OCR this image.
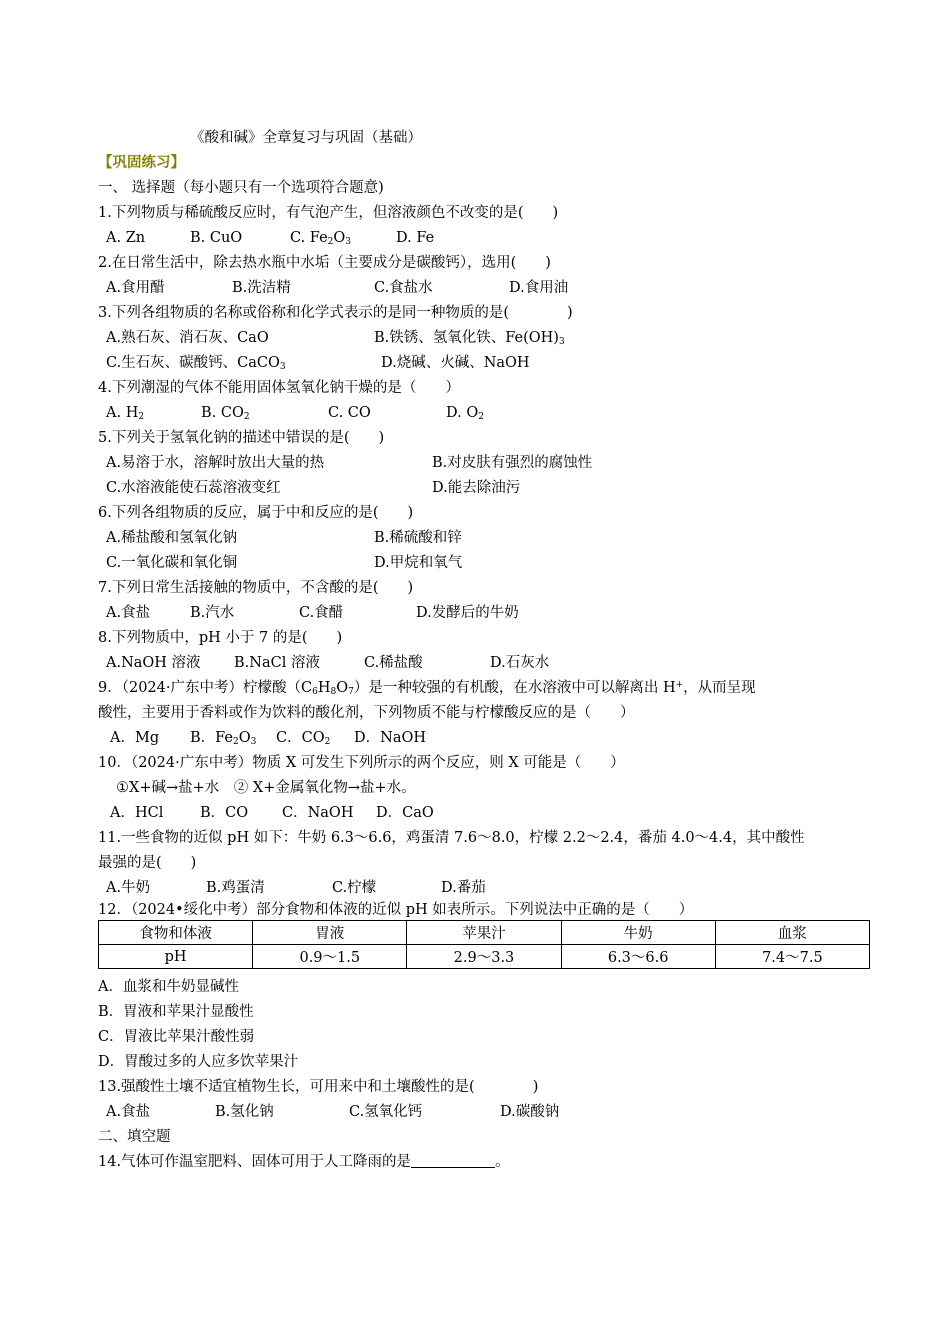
《酸和碱》全章复习与巩固（基础）
【巩固练习】
一、 选择题（每小题只有一个选项符合题意)
1.下列物质与稀硫酸反应时，有气泡产生，但溶液颜色不改变的是(　　)
A. Zn	B. CuO	C. $Fe_2O_3$	D. Fe
2.在日常生活中，除去热水瓶中水垢（主要成分是碳酸钙），选用(　　)
A.食用醋	B.洗洁精	C.食盐水	D.食用油
3.下列各组物质的名称或俗称和化学式表示的是同一种物质的是(　　　　)
A.熟石灰、消石灰、CaO	B.铁锈、氢氧化铁、$Fe(OH)_3$
C.生石灰、碳酸钙、CaCO$_3$	D.烧碱、火碱、NaOH
4.下列潮湿的气体不能用固体氢氧化钠干燥的是（　　）
A. $H_2$	B. $CO_2$	C. CO	D. $O_2$
5.下列关于氢氧化钠的描述中错误的是(　　)
A.易溶于水，溶解时放出大量的热	B.对皮肤有强烈的腐蚀性
C.水溶液能使石蕊溶液变红	D.能去除油污
6.下列各组物质的反应，属于中和反应的是(　　)
A.稀盐酸和氢氧化钠	B.稀硫酸和锌
C.一氧化碳和氧化铜	D.甲烷和氧气
7.下列日常生活接触的物质中，不含酸的是(　　)
A.食盐	B.汽水	C.食醋	D.发酵后的牛奶
8.下列物质中，pH 小于 7 的是(　　)
A.NaOH 溶液 B.NaCl 溶液	C.稀盐酸	D.石灰水
9．（2024·广东中考）柠檬酸$(C_6H_8O_7)$是一种较强的有机酸，在水溶液中可以解离出 H+，从而呈现
酸性，主要用于香料或作为饮料的酸化剂，下列物质不能与柠檬酸反应的是（　　）
A．Mg B．$Fe_2O_3$ C．$CO_2$ D．NaOH
10．（2024·广东中考）物质 X 可发生下列所示的两个反应，则 X 可能是（　　）
①X+碱→盐+水　② X+金属氧化物→盐+水。
A．HCl	B．CO C．NaOH D．CaO
11.一些食物的近似 pH 如下：牛奶 6.3～6.6，鸡蛋清 7.6～8.0，柠檬 2.2～2.4，番茄 4.0～4.4，其中酸性
最强的是(　　)
A.牛奶	B.鸡蛋清	C.柠檬	D.番茄
12．（2024•绥化中考）部分食物和体液的近似 pH 如表所示。下列说法中正确的是（　　）
食物和体液	胃液	苹果汁	牛奶	血浆
pH	0.9～1.5	2.9～3.3	6.3～6.6	7.4～7.5
A．血浆和牛奶显碱性
B．胃液和苹果汁显酸性
C．胃液比苹果汁酸性弱
D．胃酸过多的人应多饮苹果汁
13.强酸性土壤不适宜植物生长，可用来中和土壤酸性的是(　　　　)
A.食盐	B.氢化钠	C.氢氧化钙	D.碳酸钠
二、填空题
14.气体可作温室肥料、固体可用于人工降雨的是	。
